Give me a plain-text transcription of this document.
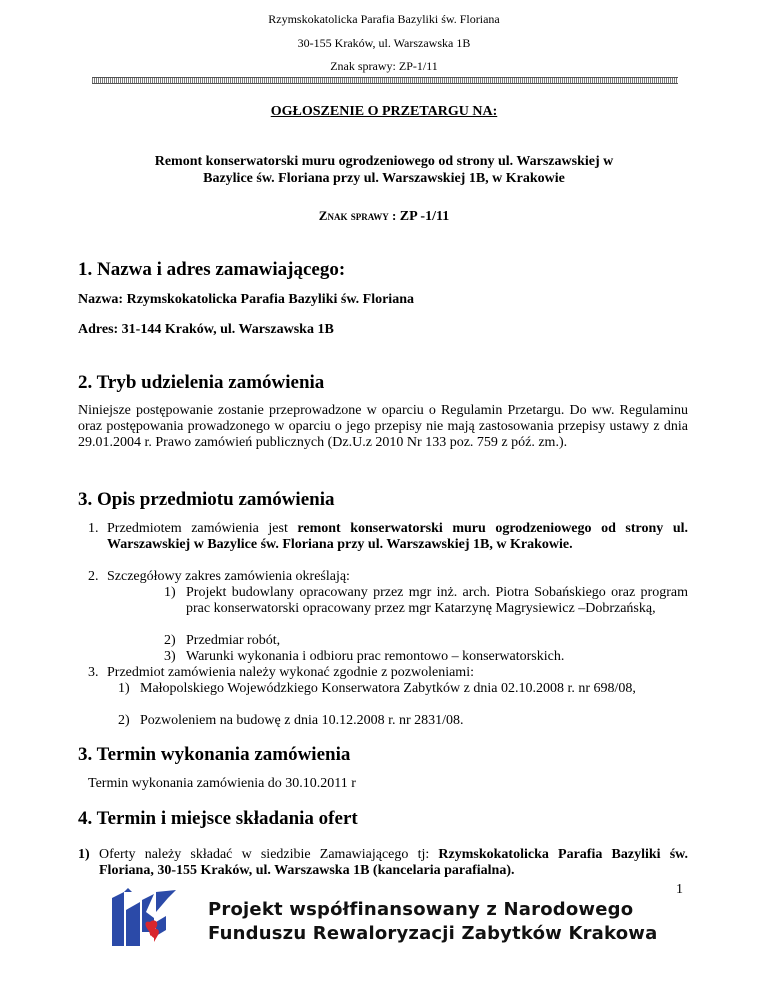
Rzymskokatolicka Parafia Bazyliki św. Floriana
30-155 Kraków, ul. Warszawska 1B
Znak sprawy: ZP-1/11
OGŁOSZENIE O PRZETARGU NA:
Remont konserwatorski muru ogrodzeniowego od strony ul. Warszawskiej w
Bazylice św. Floriana przy ul. Warszawskiej 1B, w Krakowie
Znak sprawy : ZP -1/11
1. Nazwa i adres zamawiającego:
Nazwa: Rzymskokatolicka Parafia Bazyliki św. Floriana
Adres: 31-144 Kraków, ul. Warszawska 1B
2. Tryb udzielenia zamówienia
Niniejsze postępowanie zostanie przeprowadzone w oparciu o Regulamin Przetargu. Do ww. Regulaminu oraz postępowania prowadzonego w oparciu o jego przepisy nie mają zastosowania przepisy ustawy z dnia 29.01.2004 r. Prawo zamówień publicznych (Dz.U.z 2010 Nr 133 poz. 759 z póź. zm.).
3. Opis przedmiotu zamówienia
1. Przedmiotem zamówienia jest remont konserwatorski muru ogrodzeniowego od strony ul. Warszawskiej w Bazylice św. Floriana przy ul. Warszawskiej 1B, w Krakowie.
2. Szczegółowy zakres zamówienia określają:
1) Projekt budowlany opracowany przez mgr inż. arch. Piotra Sobańskiego oraz program prac konserwatorski opracowany przez mgr Katarzynę Magrysiewicz –Dobrzańską,
2) Przedmiar robót,
3) Warunki wykonania i odbioru prac remontowo – konserwatorskich.
3. Przedmiot zamówienia należy wykonać zgodnie z pozwoleniami:
1) Małopolskiego Wojewódzkiego Konserwatora Zabytków z dnia 02.10.2008 r. nr 698/08,
2) Pozwoleniem na budowę z dnia 10.12.2008 r. nr 2831/08.
3. Termin wykonania zamówienia
Termin wykonania zamówienia do 30.10.2011 r
4. Termin i miejsce składania ofert
1) Oferty należy składać w siedzibie Zamawiającego tj: Rzymskokatolicka Parafia Bazyliki św. Floriana, 30-155 Kraków, ul. Warszawska 1B (kancelaria parafialna).
1
Projekt współfinansowany z Narodowego
Funduszu Rewaloryzacji Zabytków Krakowa
